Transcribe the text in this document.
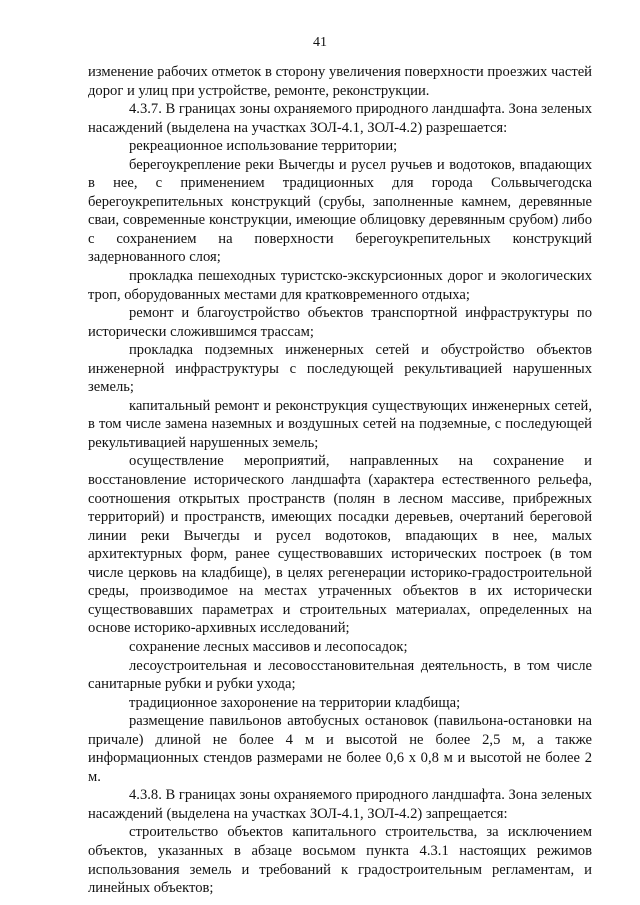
41

изменение рабочих отметок в сторону увеличения поверхности проезжих частей дорог и улиц при устройстве, ремонте, реконструкции.

4.3.7. В границах зоны охраняемого природного ландшафта. Зона зеленых насаждений (выделена на участках ЗОЛ-4.1, ЗОЛ-4.2) разрешается:

рекреационное использование территории;

берегоукрепление реки Вычегды и русел ручьев и водотоков, впадающих в нее, с применением традиционных для города Сольвычегодска берегоукрепительных конструкций (срубы, заполненные камнем, деревянные сваи, современные конструкции, имеющие облицовку деревянным срубом) либо с сохранением на поверхности берегоукрепительных конструкций задернованного слоя;

прокладка пешеходных туристско-экскурсионных дорог и экологических троп, оборудованных местами для кратковременного отдыха;

ремонт и благоустройство объектов транспортной инфраструктуры по исторически сложившимся трассам;

прокладка подземных инженерных сетей и обустройство объектов инженерной инфраструктуры с последующей рекультивацией нарушенных земель;

капитальный ремонт и реконструкция существующих инженерных сетей, в том числе замена наземных и воздушных сетей на подземные, с последующей рекультивацией нарушенных земель;

осуществление мероприятий, направленных на сохранение и восстановление исторического ландшафта (характера естественного рельефа, соотношения открытых пространств (полян в лесном массиве, прибрежных территорий) и пространств, имеющих посадки деревьев, очертаний береговой линии реки Вычегды и русел водотоков, впадающих в нее, малых архитектурных форм, ранее существовавших исторических построек (в том числе церковь на кладбище), в целях регенерации историко-градостроительной среды, производимое на местах утраченных объектов в их исторически существовавших параметрах и строительных материалах, определенных на основе историко-архивных исследований;

сохранение лесных массивов и лесопосадок;

лесоустроительная и лесовосстановительная деятельность, в том числе санитарные рубки и рубки ухода;

традиционное захоронение на территории кладбища;

размещение павильонов автобусных остановок (павильона-остановки на причале) длиной не более 4 м и высотой не более 2,5 м, а также информационных стендов размерами не более 0,6 х 0,8 м и высотой не более 2 м.

4.3.8. В границах зоны охраняемого природного ландшафта. Зона зеленых насаждений (выделена на участках ЗОЛ-4.1, ЗОЛ-4.2) запрещается:

строительство объектов капитального строительства, за исключением объектов, указанных в абзаце восьмом пункта 4.3.1 настоящих режимов использования земель и требований к градостроительным регламентам, и линейных объектов;
